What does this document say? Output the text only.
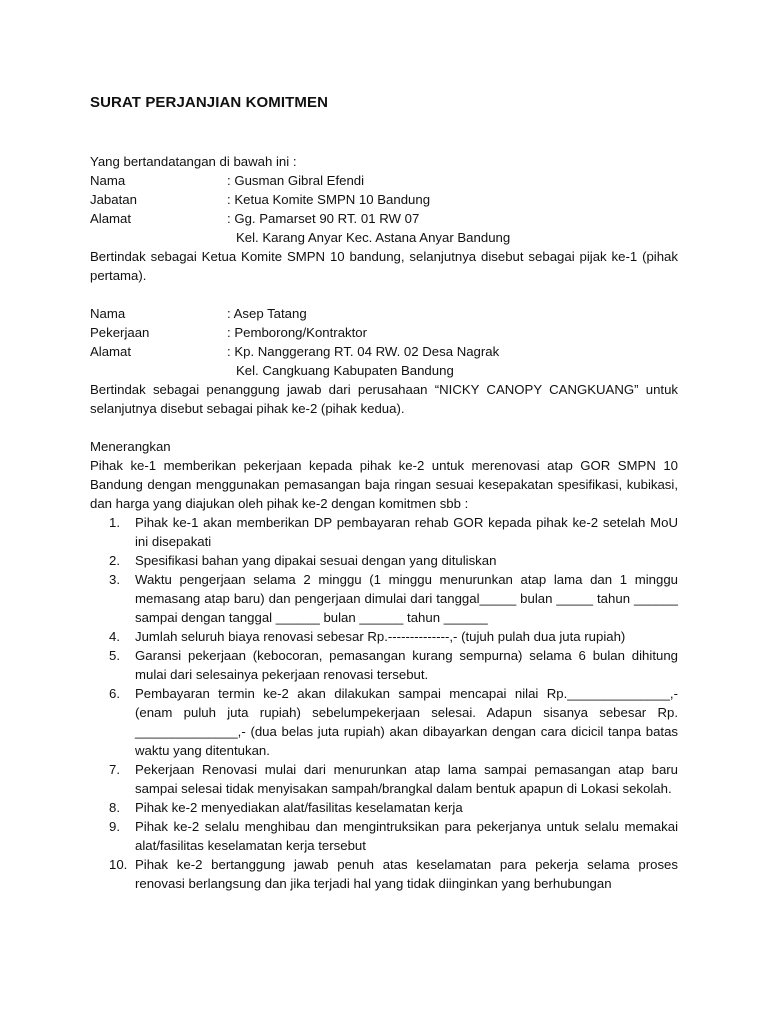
SURAT PERJANJIAN KOMITMEN
Yang bertandatangan di bawah ini :
Nama	: Gusman Gibral Efendi
Jabatan	: Ketua Komite SMPN 10 Bandung
Alamat	: Gg. Pamarset 90 RT. 01 RW 07
Kel. Karang Anyar Kec. Astana Anyar Bandung
Bertindak sebagai Ketua Komite SMPN 10 bandung, selanjutnya disebut sebagai pijak ke-1 (pihak pertama).
Nama	: Asep Tatang
Pekerjaan	: Pemborong/Kontraktor
Alamat	: Kp. Nanggerang RT. 04 RW. 02 Desa Nagrak
Kel. Cangkuang Kabupaten Bandung
Bertindak sebagai penanggung jawab dari perusahaan “NICKY CANOPY CANGKUANG” untuk selanjutnya disebut sebagai pihak ke-2 (pihak kedua).
Menerangkan
Pihak ke-1 memberikan pekerjaan kepada pihak ke-2 untuk merenovasi atap GOR SMPN 10 Bandung dengan menggunakan pemasangan baja ringan sesuai kesepakatan spesifikasi, kubikasi, dan harga yang diajukan oleh pihak ke-2 dengan komitmen sbb :
1.	Pihak ke-1 akan memberikan DP pembayaran rehab GOR kepada pihak ke-2 setelah MoU ini disepakati
2.	Spesifikasi bahan yang dipakai sesuai dengan yang dituliskan
3.	Waktu pengerjaan selama 2 minggu (1 minggu menurunkan atap lama dan 1 minggu memasang atap baru) dan pengerjaan dimulai dari tanggal_____ bulan _____ tahun ______ sampai dengan tanggal ______ bulan ______ tahun ______
4.	Jumlah seluruh biaya renovasi sebesar Rp.--------------,- (tujuh pulah dua juta rupiah)
5.	Garansi pekerjaan (kebocoran, pemasangan kurang sempurna) selama 6 bulan dihitung mulai dari selesainya pekerjaan renovasi tersebut.
6.	Pembayaran termin ke-2 akan dilakukan sampai mencapai nilai Rp.______________,- (enam puluh juta rupiah) sebelumpekerjaan selesai. Adapun sisanya sebesar Rp. ______________,- (dua belas juta rupiah) akan dibayarkan dengan cara dicicil tanpa batas waktu yang ditentukan.
7.	Pekerjaan Renovasi mulai dari menurunkan atap lama sampai pemasangan atap baru sampai selesai tidak menyisakan sampah/brangkal dalam bentuk apapun di Lokasi sekolah.
8.	Pihak ke-2 menyediakan alat/fasilitas keselamatan kerja
9.	Pihak ke-2 selalu menghibau dan mengintruksikan para pekerjanya untuk selalu memakai alat/fasilitas keselamatan kerja tersebut
10. Pihak ke-2 bertanggung jawab penuh atas keselamatan para pekerja selama proses renovasi berlangsung dan jika terjadi hal yang tidak diinginkan yang berhubungan
